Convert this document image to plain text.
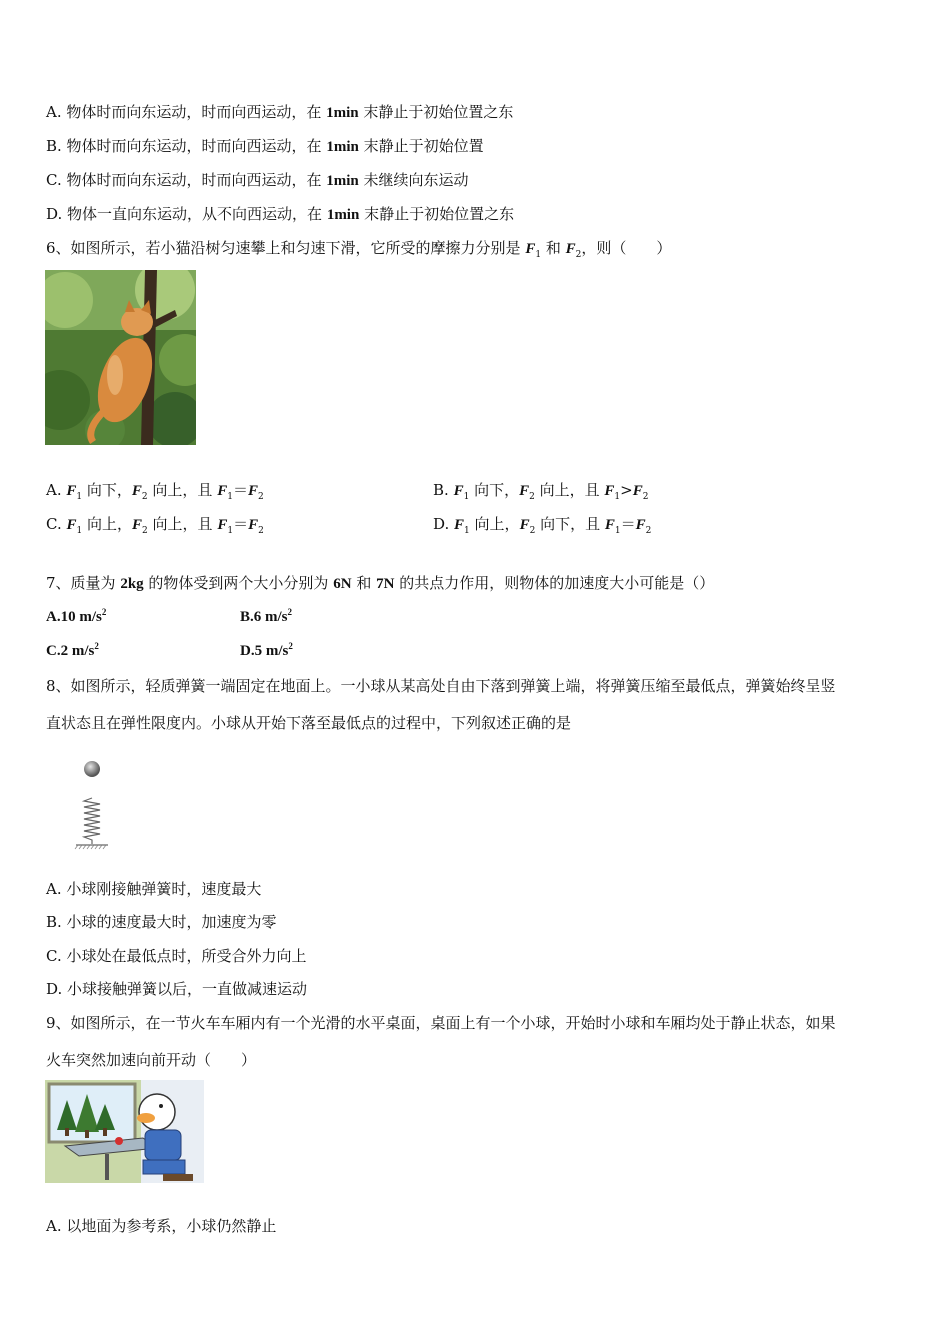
A. 物体时而向东运动，时而向西运动，在 1min 末静止于初始位置之东
B. 物体时而向东运动，时而向西运动，在 1min 末静止于初始位置
C. 物体时而向东运动，时而向西运动，在 1min 未继续向东运动
D. 物体一直向东运动，从不向西运动，在 1min 末静止于初始位置之东
6、如图所示，若小猫沿树匀速攀上和匀速下滑，它所受的摩擦力分别是 $F_1$ 和 $F_2$，则（　　）
A. $F_1$ 向下，$F_2$ 向上，且 $F_1=F_2$	B. $F_1$ 向下，$F_2$ 向上，且 $F_1>F_2$
C. $F_1$ 向上，$F_2$ 向上，且 $F_1=F_2$	D. $F_1$ 向上，$F_2$ 向下，且 $F_1=F_2$
7、质量为 2kg 的物体受到两个大小分别为 6N 和 7N 的共点力作用，则物体的加速度大小可能是（）
A.10 $m/s^2$	B.6 $m/s^2$
C.2 $m/s^2$	D.5 $m/s^2$
8、如图所示，轻质弹簧一端固定在地面上。一小球从某高处自由下落到弹簧上端，将弹簧压缩至最低点，弹簧始终呈竖
直状态且在弹性限度内。小球从开始下落至最低点的过程中，下列叙述正确的是
A. 小球刚接触弹簧时，速度最大
B. 小球的速度最大时，加速度为零
C. 小球处在最低点时，所受合外力向上
D. 小球接触弹簧以后，一直做减速运动
9、如图所示，在一节火车车厢内有一个光滑的水平桌面，桌面上有一个小球，开始时小球和车厢均处于静止状态，如果
火车突然加速向前开动（　　）
A. 以地面为参考系，小球仍然静止
